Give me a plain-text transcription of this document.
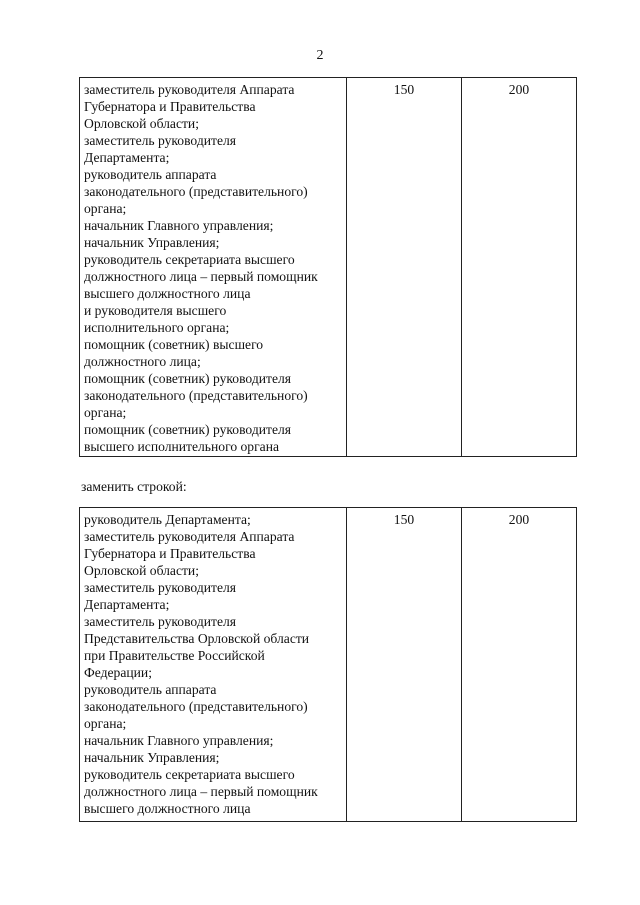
2
заместитель руководителя Аппарата
Губернатора и Правительства
Орловской области;
заместитель руководителя
Департамента;
руководитель аппарата
законодательного (представительного)
органа;
начальник Главного управления;
начальник Управления;
руководитель секретариата высшего
должностного лица – первый помощник
высшего должностного лица
и руководителя высшего
исполнительного органа;
помощник (советник) высшего
должностного лица;
помощник (советник) руководителя
законодательного (представительного)
органа;
помощник (советник) руководителя
высшего исполнительного органа
	150	200
заменить строкой:
руководитель Департамента;
заместитель руководителя Аппарата
Губернатора и Правительства
Орловской области;
заместитель руководителя
Департамента;
заместитель руководителя
Представительства Орловской области
при Правительстве Российской
Федерации;
руководитель аппарата
законодательного (представительного)
органа;
начальник Главного управления;
начальник Управления;
руководитель секретариата высшего
должностного лица – первый помощник
высшего должностного лица
	150	200
